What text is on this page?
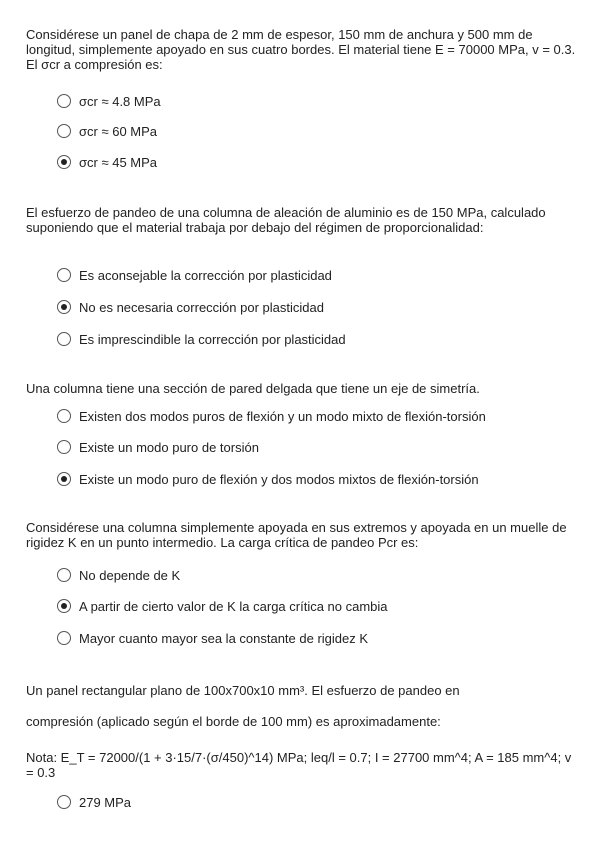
Considérese un panel de chapa de 2 mm de espesor, 150 mm de anchura y 500 mm de longitud, simplemente apoyado en sus cuatro bordes. El material tiene E = 70000 MPa, v = 0.3. El σcr a compresión es:

σcr ≈ 4.8 MPa
σcr ≈ 60 MPa
σcr ≈ 45 MPa

El esfuerzo de pandeo de una columna de aleación de aluminio es de 150 MPa, calculado suponiendo que el material trabaja por debajo del régimen de proporcionalidad:

Es aconsejable la corrección por plasticidad
No es necesaria corrección por plasticidad
Es imprescindible la corrección por plasticidad

Una columna tiene una sección de pared delgada que tiene un eje de simetría.

Existen dos modos puros de flexión y un modo mixto de flexión-torsión
Existe un modo puro de torsión
Existe un modo puro de flexión y dos modos mixtos de flexión-torsión

Considérese una columna simplemente apoyada en sus extremos y apoyada en un muelle de rigidez K en un punto intermedio. La carga crítica de pandeo Pcr es:

No depende de K
A partir de cierto valor de K la carga crítica no cambia
Mayor cuanto mayor sea la constante de rigidez K

Un panel rectangular plano de 100x700x10 mm³. El esfuerzo de pandeo en

compresión (aplicado según el borde de 100 mm) es aproximadamente:

Nota: E_T = 72000/(1 + 3·15/7·(σ/450)^14) MPa; leq/l = 0.7; I = 27700 mm^4; A = 185 mm^4; v = 0.3

279 MPa
